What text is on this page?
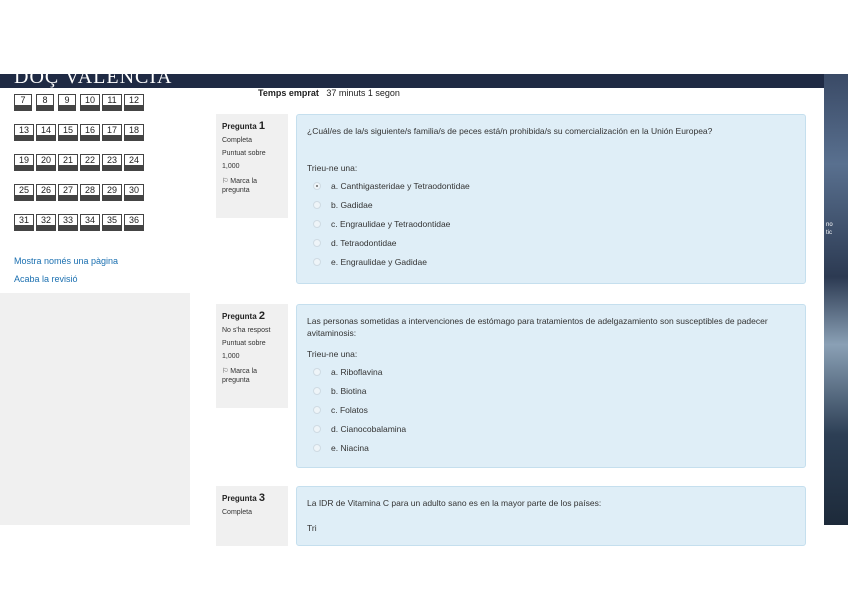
DOÇ VALENCIA
7	8	9	10	11	12
13	14	15	16	17	18
19	20	21	22	23	24
25	26	27	28	29	30
31	32	33	34	35	36
Mostra només una pàgina
Acaba la revisió
Temps emprat 37 minuts 1 segon
Pregunta 1
Completa
Puntuat sobre
1,000
⚐ Marca la pregunta

¿Cuál/es de la/s siguiente/s familia/s de peces está/n prohibida/s su comercialización en la Unión Europea?

Trieu-ne una:

a. Canthigasteridae y Tetraodontidae
b. Gadidae
c. Engraulidae y Tetraodontidae
d. Tetraodontidae
e. Engraulidae y Gadidae
Pregunta 2
No s'ha respost
Puntuat sobre
1,000
⚐ Marca la pregunta

Las personas sometidas a intervenciones de estómago para tratamientos de adelgazamiento son susceptibles de padecer avitaminosis:

Trieu-ne una:

a. Riboflavina
b. Biotina
c. Folatos
d. Cianocobalamina
e. Niacina
Pregunta 3
Completa

La IDR de Vitamina C para un adulto sano es en la mayor parte de los países:

Tri

no
tic
